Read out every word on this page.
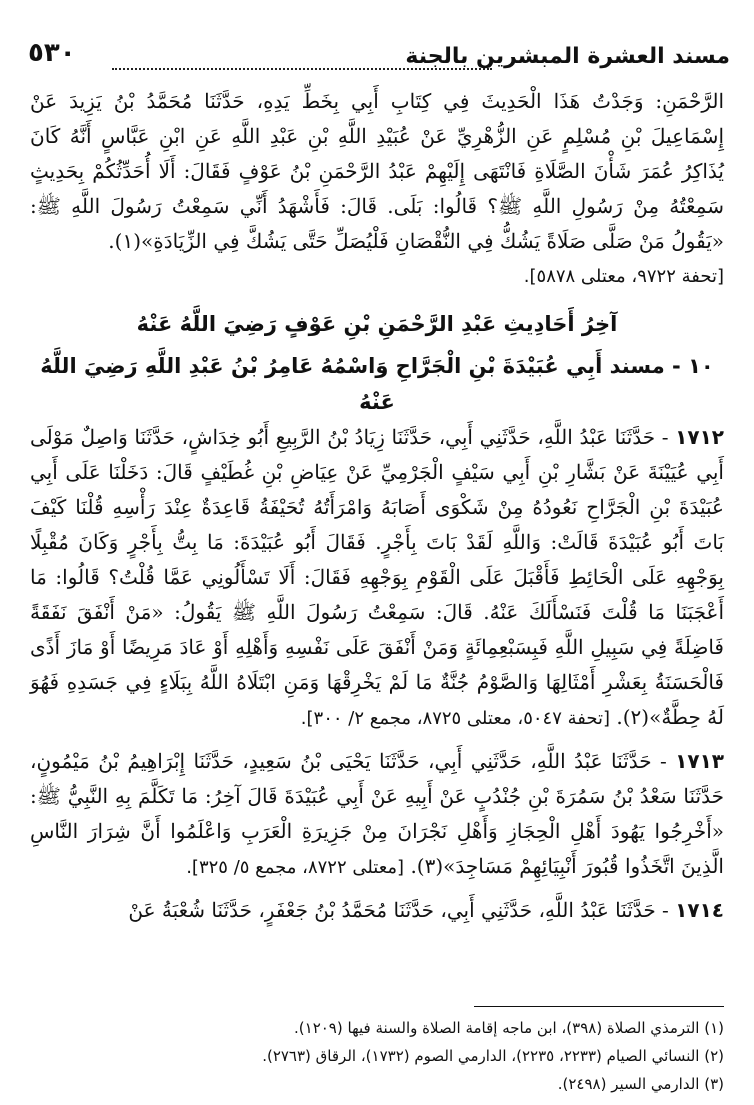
مسند العشرة المبشرين بالجنة
٥٣٠

الرَّحْمَنِ: وَجَدْتُ هَذَا الْحَدِيثَ فِي كِتَابِ أَبِي بِخَطِّ يَدِهِ، حَدَّثَنَا مُحَمَّدُ بْنُ يَزِيدَ عَنْ إِسْمَاعِيلَ بْنِ مُسْلِمٍ عَنِ الزُّهْرِيِّ عَنْ عُبَيْدِ اللَّهِ بْنِ عَبْدِ اللَّهِ عَنِ ابْنِ عَبَّاسٍ أَنَّهُ كَانَ يُذَاكِرُ عُمَرَ شَأْنَ الصَّلَاةِ فَانْتَهَى إِلَيْهِمْ عَبْدُ الرَّحْمَنِ بْنُ عَوْفٍ فَقَالَ: أَلَا أُحَدِّثُكُمْ بِحَدِيثٍ سَمِعْتُهُ مِنْ رَسُولِ اللَّهِ ﷺ؟ قَالُوا: بَلَى. قَالَ: فَأَشْهَدُ أَنِّي سَمِعْتُ رَسُولَ اللَّهِ ﷺ: «يَقُولُ مَنْ صَلَّى صَلَاةً يَشُكُّ فِي النُّقْصَانِ فَلْيُصَلِّ حَتَّى يَشُكَّ فِي الزِّيَادَةِ»(١).

[تحفة ٩٧٢٢، معتلى ٥٨٧٨].

آخِرُ أَحَادِيثِ عَبْدِ الرَّحْمَنِ بْنِ عَوْفٍ رَضِيَ اللَّهُ عَنْهُ
١٠ - مسند أَبِي عُبَيْدَةَ بْنِ الْجَرَّاحِ وَاسْمُهُ عَامِرُ بْنُ عَبْدِ اللَّهِ رَضِيَ اللَّهُ عَنْهُ

١٧١٢ - حَدَّثَنَا عَبْدُ اللَّهِ، حَدَّثَنِي أَبِي، حَدَّثَنَا زِيَادُ بْنُ الرَّبِيعِ أَبُو خِدَاشٍ، حَدَّثَنَا وَاصِلٌ مَوْلَى أَبِي عُيَيْنَةَ عَنْ بَشَّارِ بْنِ أَبِي سَيْفٍ الْجَرْمِيِّ عَنْ عِيَاضِ بْنِ غُطَيْفٍ قَالَ: دَخَلْنَا عَلَى أَبِي عُبَيْدَةَ بْنِ الْجَرَّاحِ نَعُودُهُ مِنْ شَكْوَى أَصَابَهُ وَامْرَأَتُهُ تُحَيْفَةُ قَاعِدَةٌ عِنْدَ رَأْسِهِ قُلْنَا كَيْفَ بَاتَ أَبُو عُبَيْدَةَ قَالَتْ: وَاللَّهِ لَقَدْ بَاتَ بِأَجْرٍ. فَقَالَ أَبُو عُبَيْدَةَ: مَا بِتُّ بِأَجْرٍ وَكَانَ مُقْبِلًا بِوَجْهِهِ عَلَى الْحَائِطِ فَأَقْبَلَ عَلَى الْقَوْمِ بِوَجْهِهِ فَقَالَ: أَلَا تَسْأَلُونِي عَمَّا قُلْتُ؟ قَالُوا: مَا أَعْجَبَنَا مَا قُلْتَ فَنَسْأَلَكَ عَنْهُ. قَالَ: سَمِعْتُ رَسُولَ اللَّهِ ﷺ يَقُولُ: «مَنْ أَنْفَقَ نَفَقَةً فَاضِلَةً فِي سَبِيلِ اللَّهِ فَبِسَبْعِمِائَةٍ وَمَنْ أَنْفَقَ عَلَى نَفْسِهِ وَأَهْلِهِ أَوْ عَادَ مَرِيضًا أَوْ مَازَ أَذًى فَالْحَسَنَةُ بِعَشْرِ أَمْثَالِهَا وَالصَّوْمُ جُنَّةٌ مَا لَمْ يَخْرِقْهَا وَمَنِ ابْتَلَاهُ اللَّهُ بِبَلَاءٍ فِي جَسَدِهِ فَهُوَ لَهُ حِطَّةٌ»(٢). [تحفة ٥٠٤٧، معتلى ٨٧٢٥، مجمع ٢/ ٣٠٠].

١٧١٣ - حَدَّثَنَا عَبْدُ اللَّهِ، حَدَّثَنِي أَبِي، حَدَّثَنَا يَحْيَى بْنُ سَعِيدٍ، حَدَّثَنَا إِبْرَاهِيمُ بْنُ مَيْمُونٍ، حَدَّثَنَا سَعْدُ بْنُ سَمُرَةَ بْنِ جُنْدُبٍ عَنْ أَبِيهِ عَنْ أَبِي عُبَيْدَةَ قَالَ آخِرُ: مَا تَكَلَّمَ بِهِ النَّبِيُّ ﷺ: «أَخْرِجُوا يَهُودَ أَهْلِ الْحِجَازِ وَأَهْلِ نَجْرَانَ مِنْ جَزِيرَةِ الْعَرَبِ وَاعْلَمُوا أَنَّ شِرَارَ النَّاسِ الَّذِينَ اتَّخَذُوا قُبُورَ أَنْبِيَائِهِمْ مَسَاجِدَ»(٣). [معتلى ٨٧٢٢، مجمع ٥/ ٣٢٥].

١٧١٤ - حَدَّثَنَا عَبْدُ اللَّهِ، حَدَّثَنِي أَبِي، حَدَّثَنَا مُحَمَّدُ بْنُ جَعْفَرٍ، حَدَّثَنَا شُعْبَةُ عَنْ

(١) الترمذي الصلاة (٣٩٨)، ابن ماجه إقامة الصلاة والسنة فيها (١٢٠٩).

(٢) النسائي الصيام (٢٢٣٣، ٢٢٣٥)، الدارمي الصوم (١٧٣٢)، الرقاق (٢٧٦٣).

(٣) الدارمي السير (٢٤٩٨).
